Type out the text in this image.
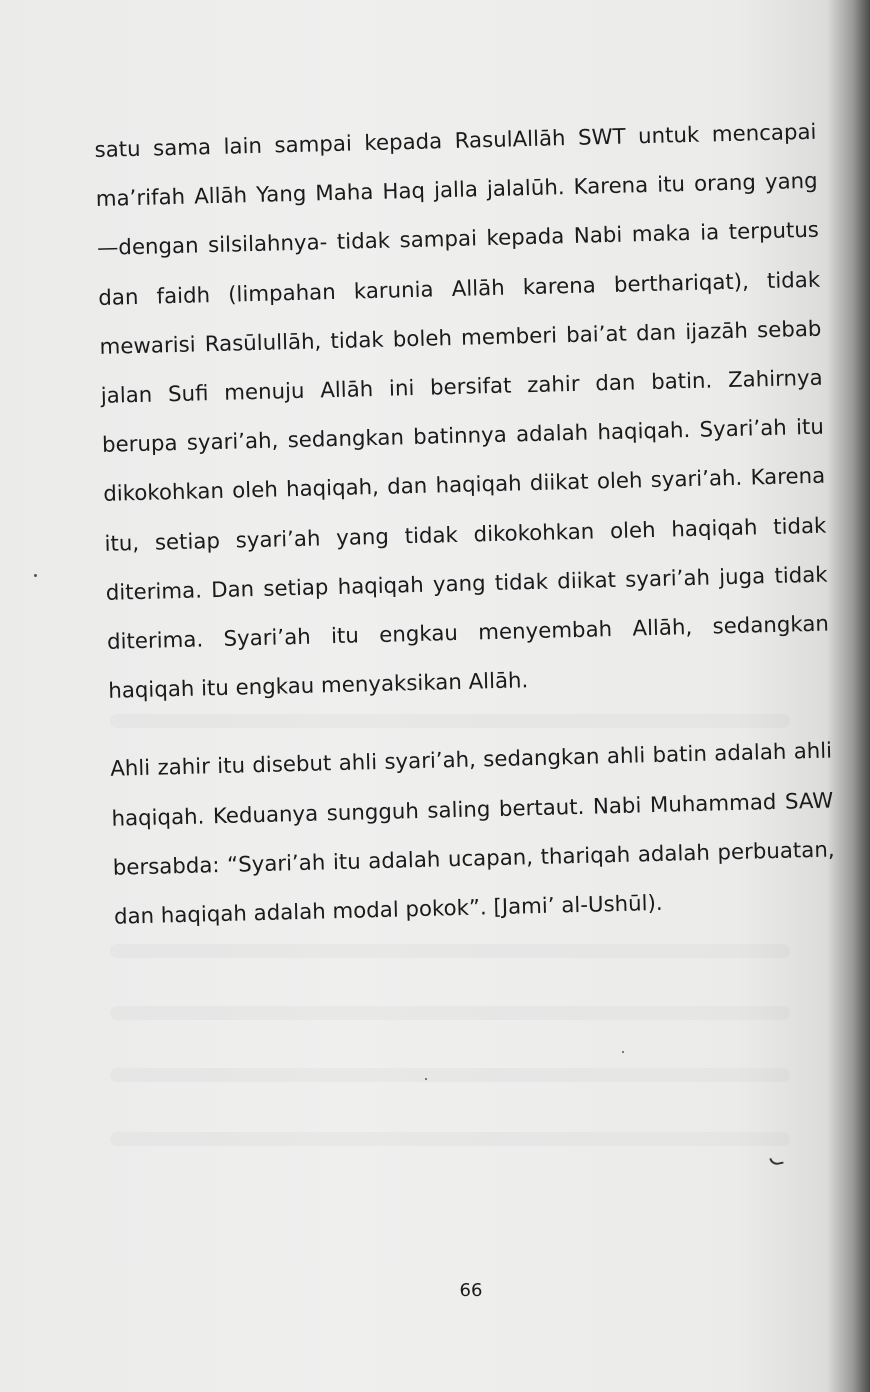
satu sama lain sampai kepada RasulAllāh SWT untuk mencapai ma’rifah Allāh Yang Maha Haq jalla jalalūh. Karena itu orang yang —dengan silsilahnya- tidak sampai kepada Nabi maka ia terputus dan faidh (limpahan karunia Allāh karena berthariqat), tidak mewarisi Rasūlullāh, tidak boleh memberi bai’at dan ijazāh sebab jalan Sufi menuju Allāh ini bersifat zahir dan batin. Zahirnya berupa syari’ah, sedangkan batinnya adalah haqiqah. Syari’ah itu dikokohkan oleh haqiqah, dan haqiqah diikat oleh syari’ah. Karena itu, setiap syari’ah yang tidak dikokohkan oleh haqiqah tidak diterima. Dan setiap haqiqah yang tidak diikat syari’ah juga tidak diterima. Syari’ah itu engkau menyembah Allāh, sedangkan haqiqah itu engkau menyaksikan Allāh.

Ahli zahir itu disebut ahli syari’ah, sedangkan ahli batin adalah ahli haqiqah. Keduanya sungguh saling bertaut. Nabi Muhammad SAW bersabda: “Syari’ah itu adalah ucapan, thariqah adalah perbuatan, dan haqiqah adalah modal pokok”. [Jami’ al-Ushūl).

66
